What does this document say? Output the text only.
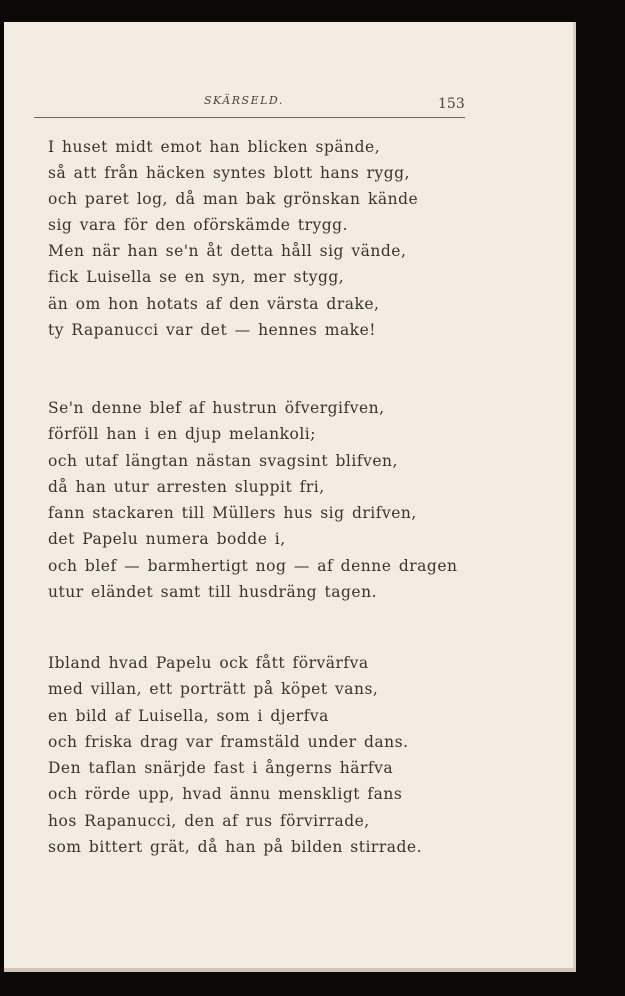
SKÄRSELD.	153
I huset midt emot han blicken spände,
så att från häcken syntes blott hans rygg,
och paret log, då man bak grönskan kände
sig vara för den oförskämde trygg.
Men när han se'n åt detta håll sig vände,
fick Luisella se en syn, mer stygg,
än om hon hotats af den värsta drake,
ty Rapanucci var det — hennes make!
Se'n denne blef af hustrun öfvergifven,
förföll han i en djup melankoli;
och utaf längtan nästan svagsint blifven,
då han utur arresten sluppit fri,
fann stackaren till Müllers hus sig drifven,
det Papelu numera bodde i,
och blef — barmhertigt nog — af denne dragen
utur eländet samt till husdräng tagen.
Ibland hvad Papelu ock fått förvärfva
med villan, ett porträtt på köpet vans,
en bild af Luisella, som i djerfva
och friska drag var framstäld under dans.
Den taflan snärjde fast i ångerns härfva
och rörde upp, hvad ännu menskligt fans
hos Rapanucci, den af rus förvirrade,
som bittert grät, då han på bilden stirrade.
